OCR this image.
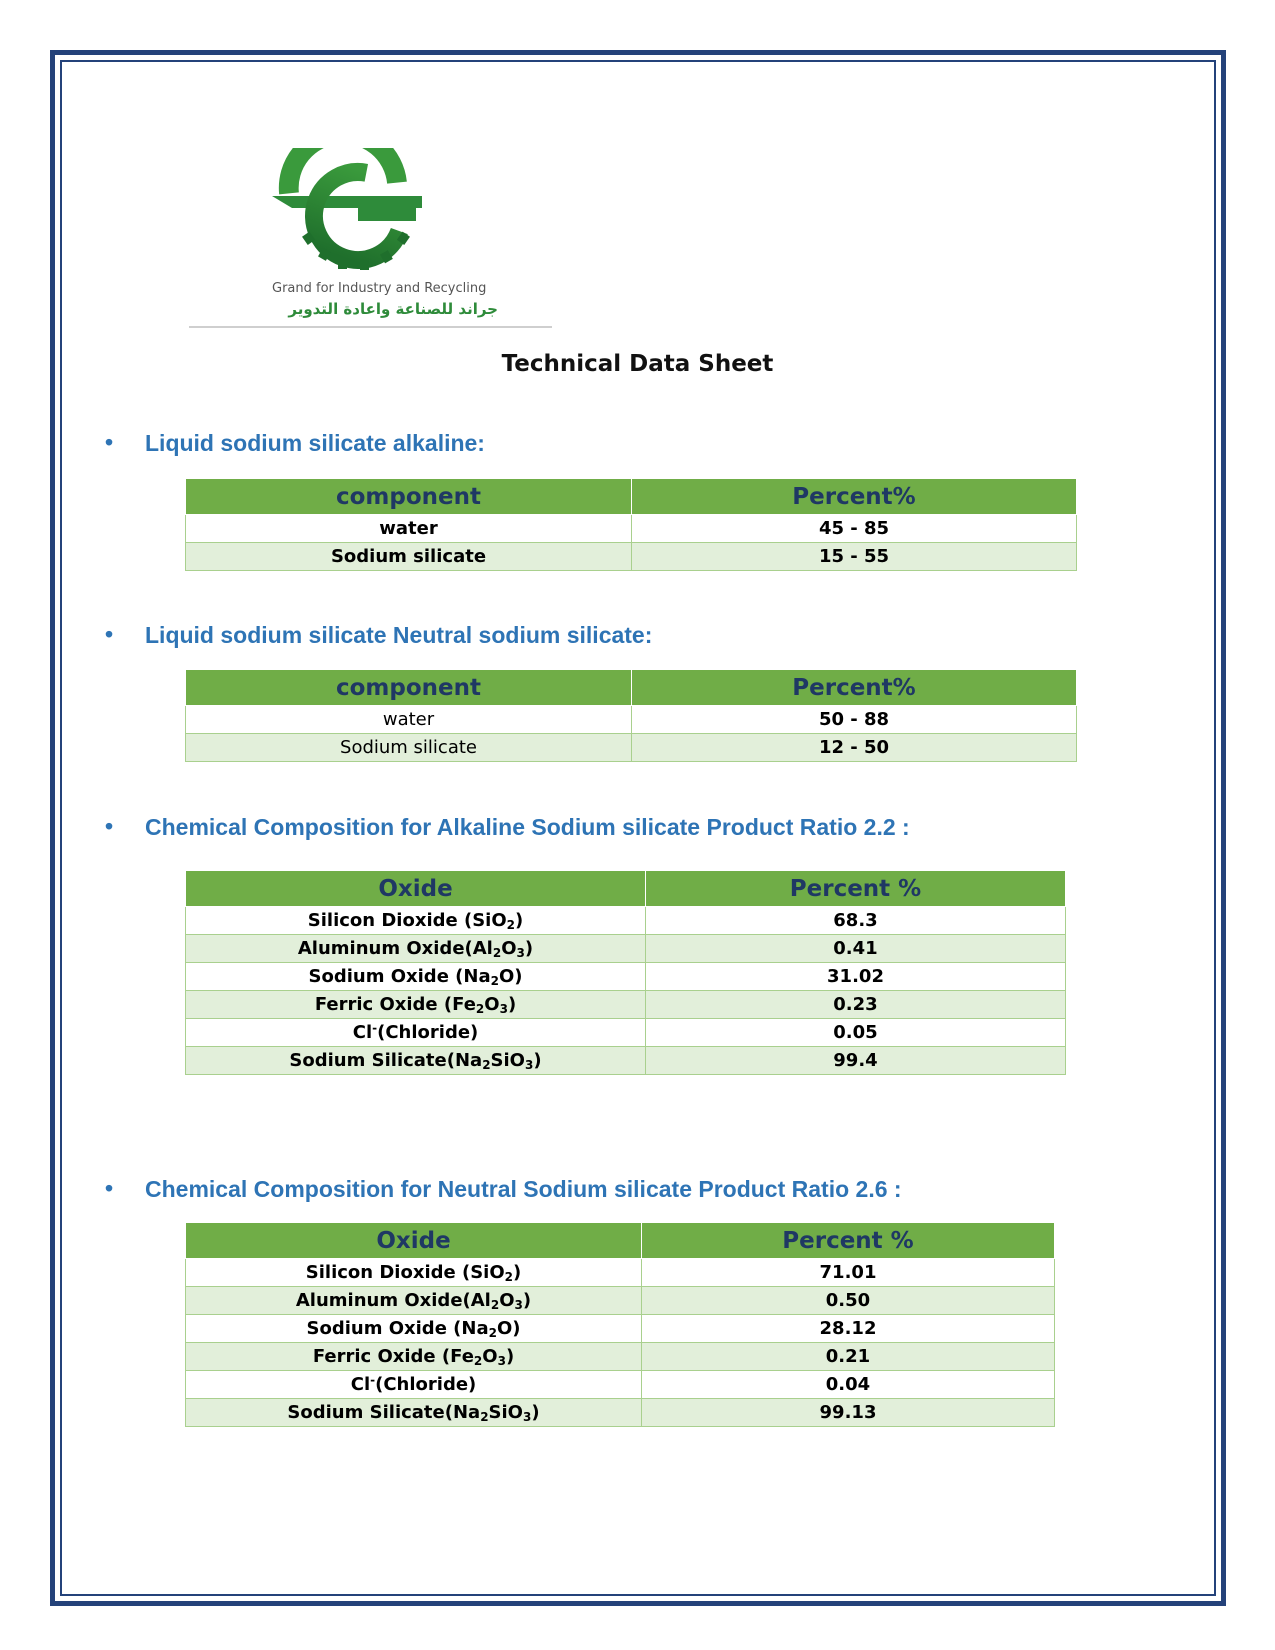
Grand for Industry and Recycling
جراند للصناعة واعادة التدوير
Technical Data Sheet
• Liquid sodium silicate alkaline:
component	Percent%
water	45 - 85
Sodium silicate	15 - 55
• Liquid sodium silicate Neutral sodium silicate:
component	Percent%
water	50 - 88
Sodium silicate	12 - 50
• Chemical Composition for Alkaline Sodium silicate Product Ratio 2.2 :
Oxide	Percent %
Silicon Dioxide (SiO$_2$)	68.3
Aluminum $Oxide(Al_2O_3)$	0.41
Sodium Oxide $(Na_2O)$	31.02
Ferric Oxide $(Fe_2O_3)$	0.23
Cl-(Chloride)	0.05
Sodium $Silicate(Na_2SiO_3)$	99.4
• Chemical Composition for Neutral Sodium silicate Product Ratio 2.6 :
Oxide	Percent %
Silicon Dioxide (SiO$_2$)	71.01
Aluminum $Oxide(Al_2O_3)$	0.50
Sodium Oxide $(Na_2O)$	28.12
Ferric Oxide $(Fe_2O_3)$	0.21
Cl-(Chloride)	0.04
Sodium $Silicate(Na_2SiO_3)$	99.13
